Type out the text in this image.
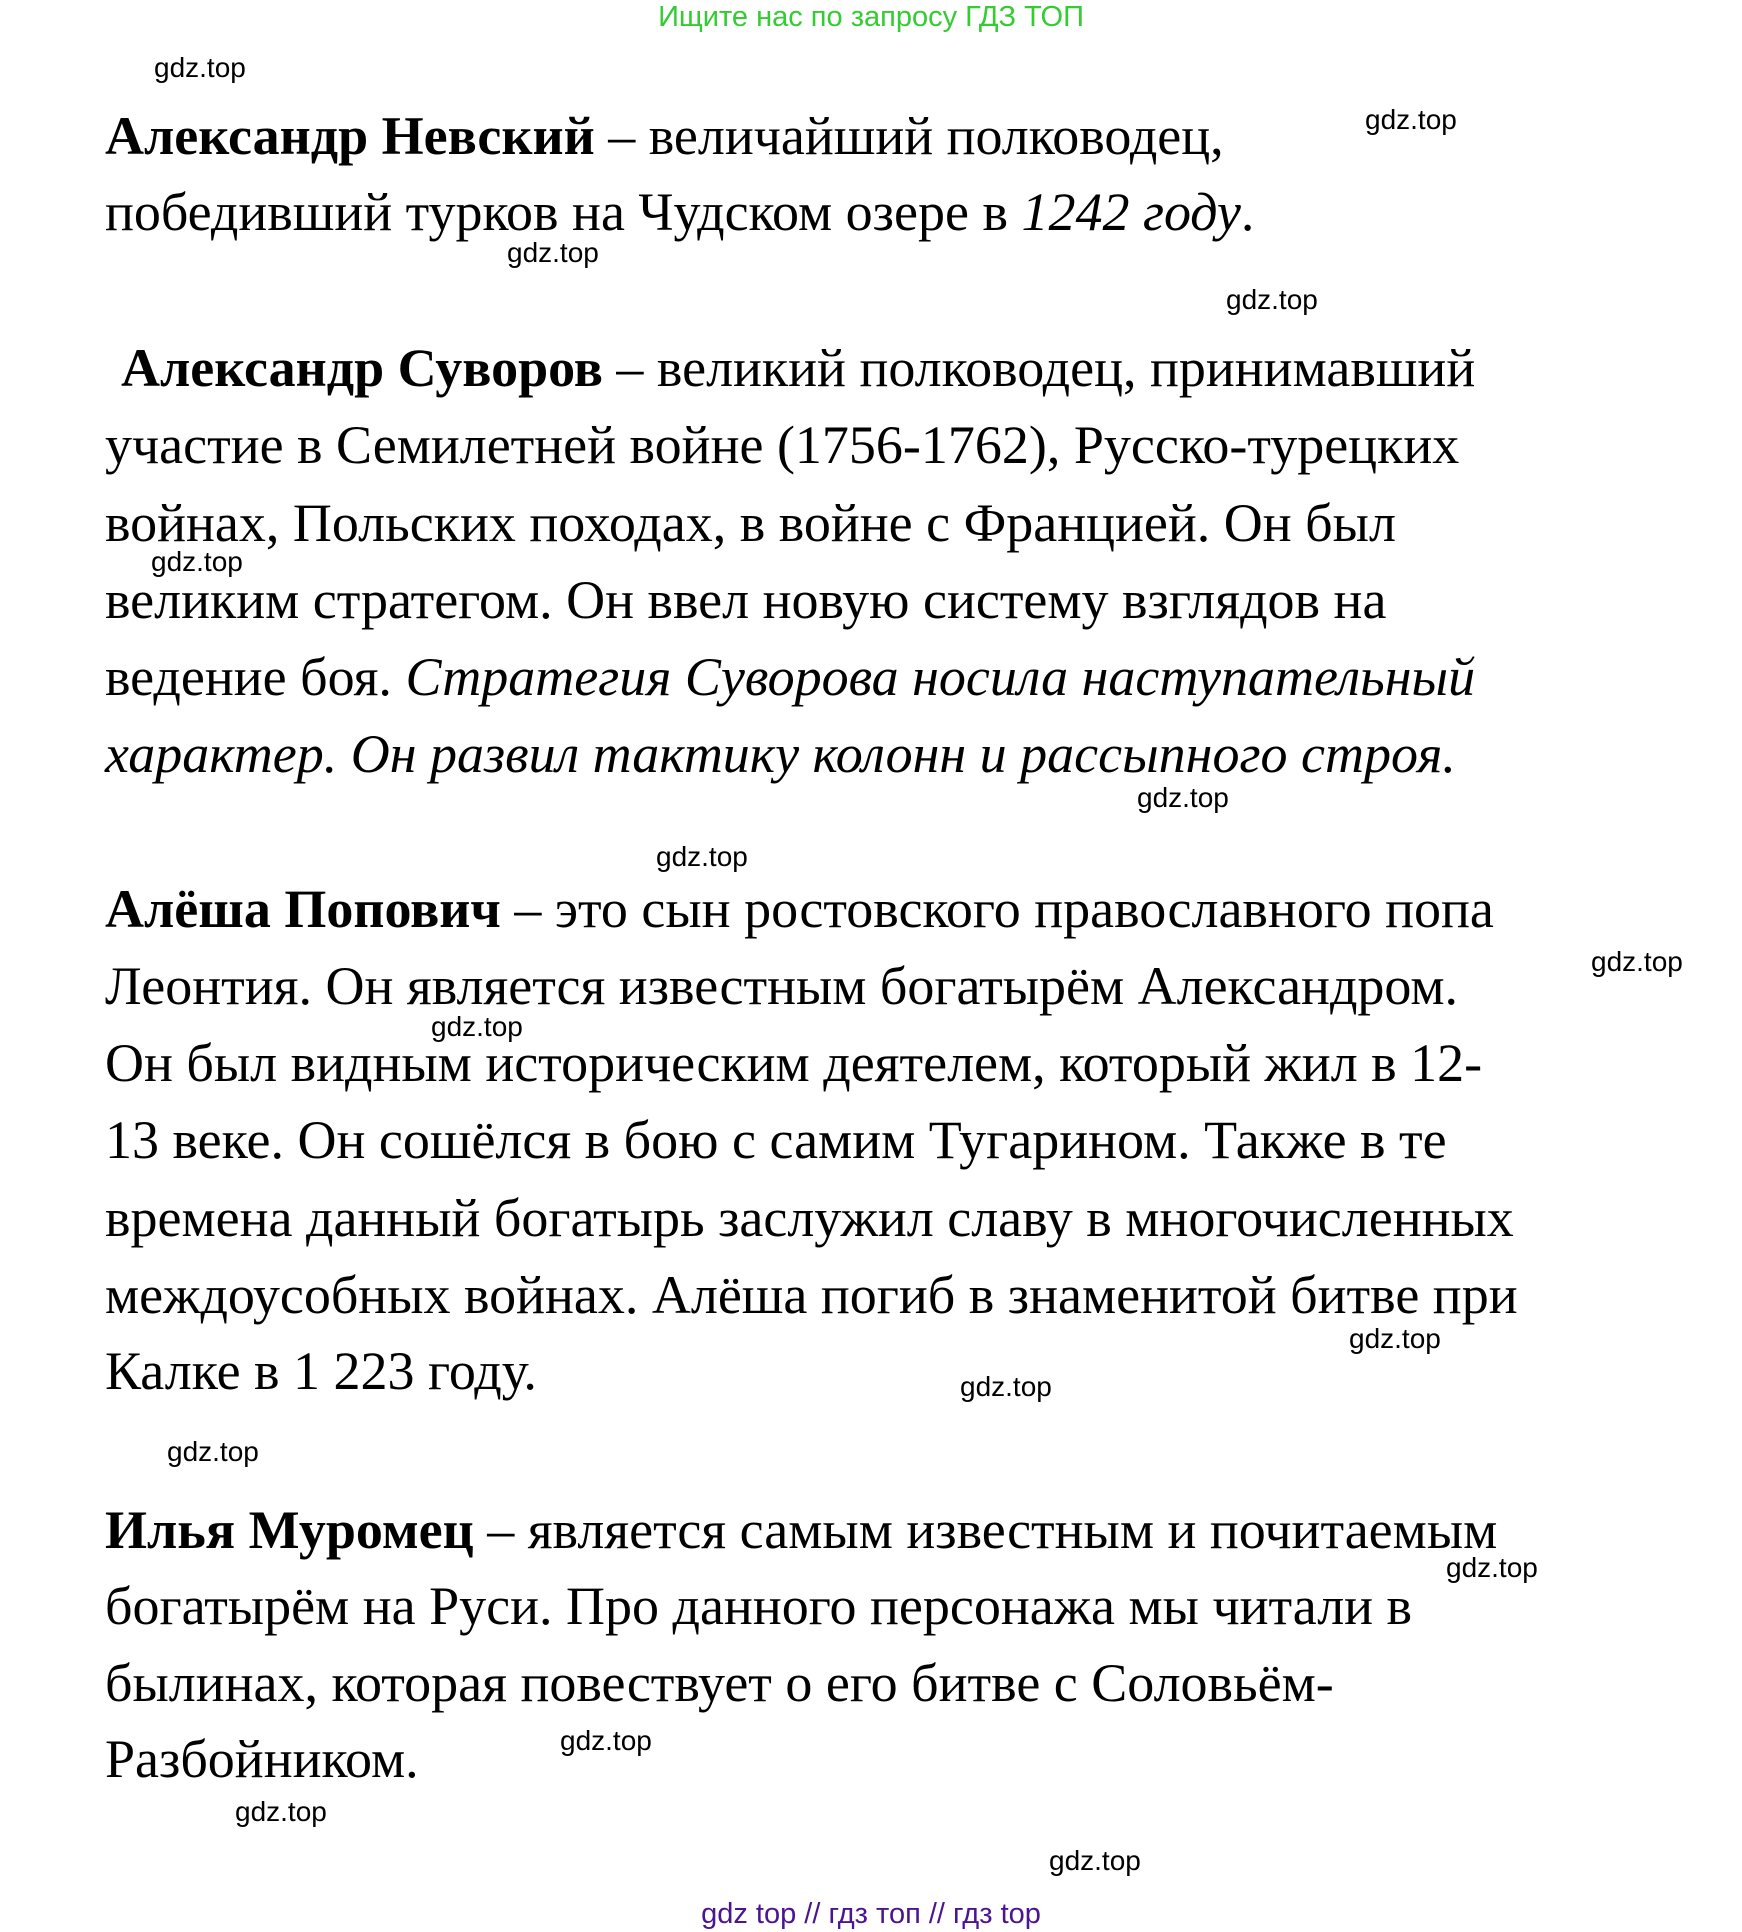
Ищите нас по запросу ГДЗ ТОП
Александр Невский – величайший полководец,
победивший турков на Чудском озере в 1242 году.
Александр Суворов – великий полководец, принимавший
участие в Семилетней войне (1756-1762), Русско-турецких
войнах, Польских походах, в войне с Францией. Он был
великим стратегом. Он ввел новую систему взглядов на
ведение боя. Стратегия Суворова носила наступательный
характер. Он развил тактику колонн и рассыпного строя.
Алёша Попович – это сын ростовского православного попа
Леонтия. Он является известным богатырём Александром.
Он был видным историческим деятелем, который жил в 12-
13 веке. Он сошёлся в бою с самим Тугарином. Также в те
времена данный богатырь заслужил славу в многочисленных
междоусобных войнах. Алёша погиб в знаменитой битве при
Калке в 1 223 году.
Илья Муромец – является самым известным и почитаемым
богатырём на Руси. Про данного персонажа мы читали в
былинах, которая повествует о его битве с Соловьём-
Разбойником.
gdz.top
gdz.top
gdz.top
gdz.top
gdz.top
gdz.top
gdz.top
gdz.top
gdz.top
gdz.top
gdz.top
gdz.top
gdz.top
gdz.top
gdz.top
gdz.top
gdz top // гдз топ // гдз top
